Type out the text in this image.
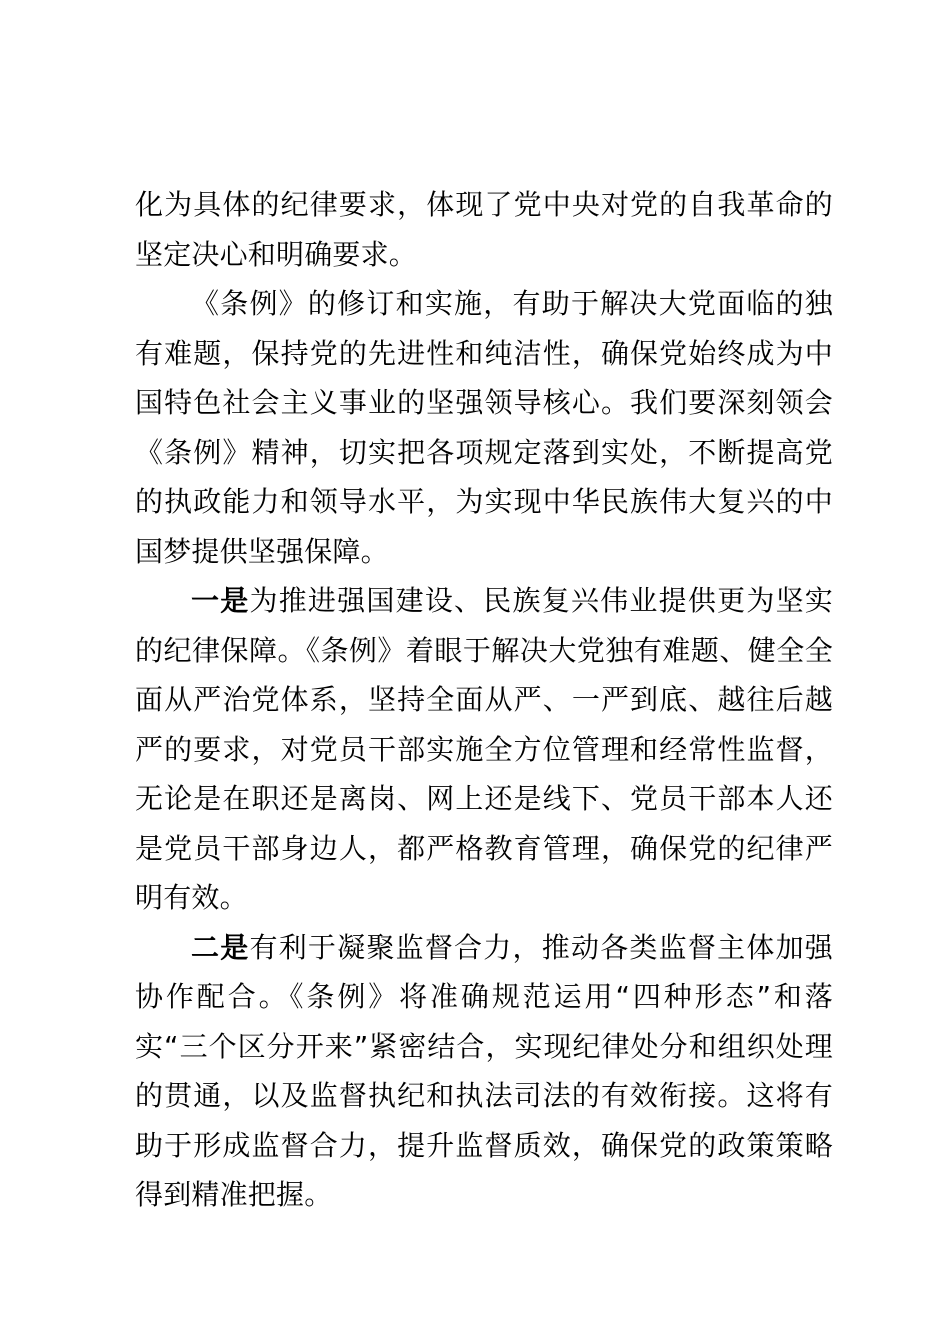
化为具体的纪律要求，体现了党中央对党的自我革命的坚定决心和明确要求。

《条例》的修订和实施，有助于解决大党面临的独有难题，保持党的先进性和纯洁性，确保党始终成为中国特色社会主义事业的坚强领导核心。我们要深刻领会《条例》精神，切实把各项规定落到实处，不断提高党的执政能力和领导水平，为实现中华民族伟大复兴的中国梦提供坚强保障。

一是为推进强国建设、民族复兴伟业提供更为坚实的纪律保障。《条例》着眼于解决大党独有难题、健全全面从严治党体系，坚持全面从严、一严到底、越往后越严的要求，对党员干部实施全方位管理和经常性监督，无论是在职还是离岗、网上还是线下、党员干部本人还是党员干部身边人，都严格教育管理，确保党的纪律严明有效。

二是有利于凝聚监督合力，推动各类监督主体加强协作配合。《条例》将准确规范运用“四种形态”和落实“三个区分开来”紧密结合，实现纪律处分和组织处理的贯通，以及监督执纪和执法司法的有效衔接。这将有助于形成监督合力，提升监督质效，确保党的政策策略得到精准把握。
